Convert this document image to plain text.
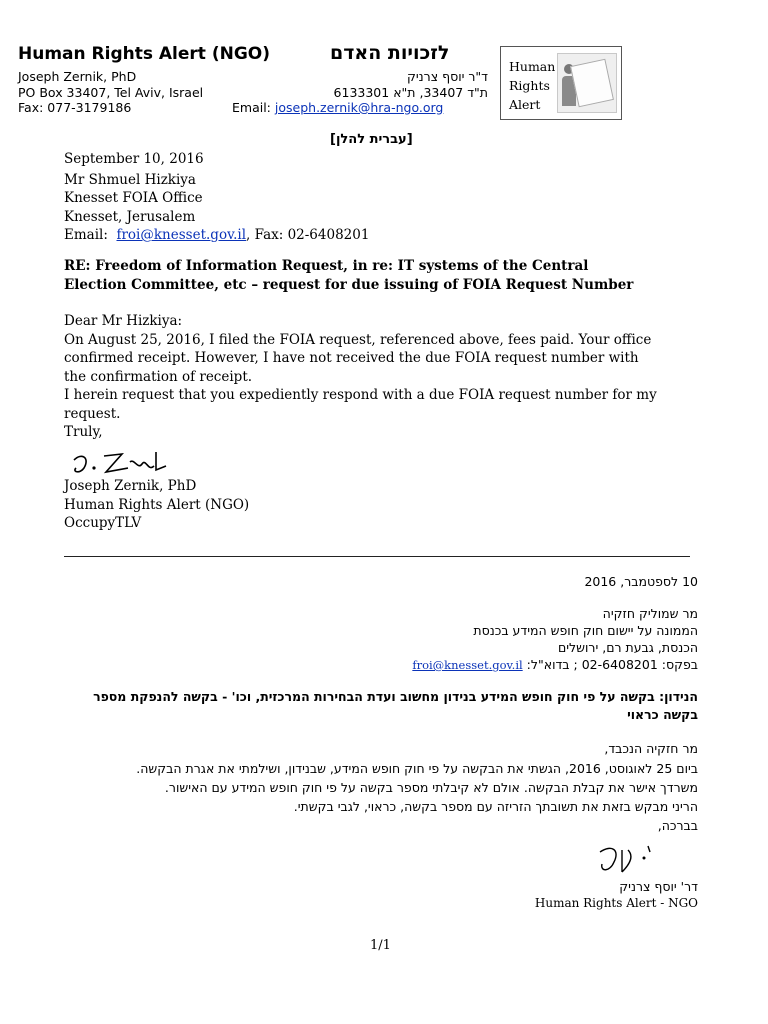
Human Rights Alert (NGO)	לזכויות האדם
Joseph Zernik, PhD
PO Box 33407, Tel Aviv, Israel
Fax: 077-3179186
ד"ר יוסף צרניק
ת"ד 33407, ת"א 6133301
Email: joseph.zernik@hra-ngo.org
Human
Rights
Alert
[עברית להלן]
September 10, 2016
Mr Shmuel Hizkiya
Knesset FOIA Office
Knesset, Jerusalem
Email: froi@knesset.gov.il, Fax: 02-6408201
RE: Freedom of Information Request, in re: IT systems of the Central Election Committee, etc – request for due issuing of FOIA Request Number
Dear Mr Hizkiya:
On August 25, 2016, I filed the FOIA request, referenced above, fees paid. Your office confirmed receipt. However, I have not received the due FOIA request number with the confirmation of receipt.
I herein request that you expediently respond with a due FOIA request number for my request.
Truly,
Joseph Zernik, PhD
Human Rights Alert (NGO)
OccupyTLV
10 לספטמבר, 2016
מר שמוליק חזקיה
הממונה על יישום חוק חופש המידע בכנסת
הכנסת, גבעת רם, ירושלים
בפקס: 02-6408201 ; בדוא"ל: froi@knesset.gov.il
הנידון: בקשה על פי חוק חופש המידע בנידון מחשוב ועדת הבחירות המרכזית, וכו' - בקשה להנפקת מספר בקשה כראוי
מר חזקיה הנכבד,
ביום 25 לאוגוסט, 2016, הגשתי את הבקשה על פי חוק חופש המידע, שבנידון, ושילמתי את אגרת הבקשה.
משרדך אישר את קבלת הבקשה. אולם לא קיבלתי מספר בקשה על פי חוק חופש המידע עם האישור.
הריני מבקש בזאת את תשובתך הזריזה עם מספר בקשה, כראוי, לגבי בקשתי.
בברכה,
דר' יוסף צרניק
Human Rights Alert - NGO
1/1
